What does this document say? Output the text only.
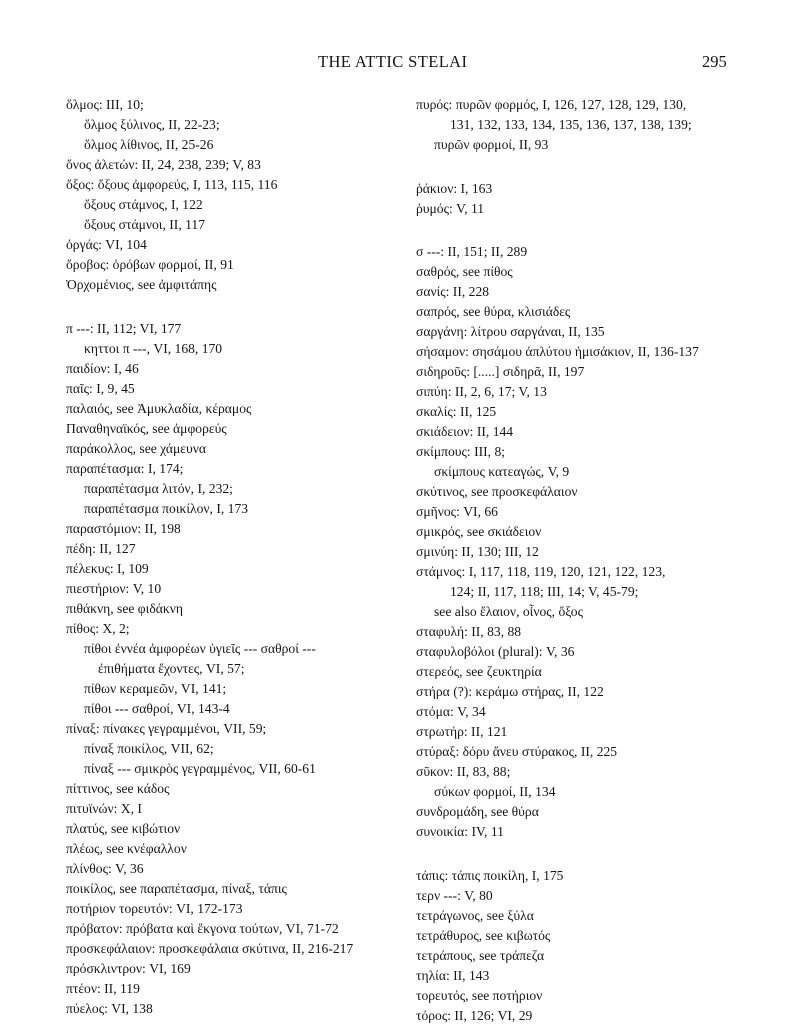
THE ATTIC STELAI	295
ὅλμος: III, 10;
ὅλμος ξύλινος, II, 22-23;
ὅλμος λίθινος, II, 25-26
ὄνος ἀλετών: II, 24, 238, 239; V, 83
ὄξος: ὄξους ἀμφορεύς, I, 113, 115, 116
ὄξους στάμνος, I, 122
ὄξους στάμνοι, II, 117
ὀργάς: VI, 104
ὄροβος: ὀρόβων φορμοί, II, 91
Ὀρχομένιος, see ἀμφιτάπης
π ---: II, 112; VI, 177
κηττοι π ---, VI, 168, 170
παιδίον: I, 46
παῖς: I, 9, 45
παλαιός, see Ἀμυκλαδία, κέραμος
Παναθηναϊκός, see ἀμφορεύς
παράκολλος, see χάμευνα
παραπέτασμα: I, 174;
παραπέτασμα λιτόν, I, 232;
παραπέτασμα ποικίλον, I, 173
παραστόμιον: II, 198
πέδη: II, 127
πέλεκυς: I, 109
πιεστήριον: V, 10
πιθάκνη, see φιδάκνη
πίθος: X, 2;
πίθοι ἐννέα ἀμφορέων ὑγιεῖς --- σαθροί ---
ἐπιθήματα ἔχοντες, VI, 57;
πίθων κεραμεῶν, VI, 141;
πίθοι --- σαθροί, VI, 143-4
πίναξ: πίνακες γεγραμμένοι, VII, 59;
πίναξ ποικίλος, VII, 62;
πίναξ --- σμικρὸς γεγραμμένος, VII, 60-61
πίττινος, see κάδος
πιτυϊνών: X, I
πλατύς, see κιβώτιον
πλέως, see κνέφαλλον
πλίνθος: V, 36
ποικίλος, see παραπέτασμα, πίναξ, τάπις
ποτήριον τορευτόν: VI, 172-173
πρόβατον: πρόβατα καὶ ἔκγονα τούτων, VI, 71-72
προσκεφάλαιον: προσκεφάλαια σκύτινα, II, 216-217
πρόσκλιντρον: VI, 169
πτέον: II, 119
πύελος: VI, 138
πυρός: πυρῶν φορμός, I, 126, 127, 128, 129, 130,
131, 132, 133, 134, 135, 136, 137, 138, 139;
πυρῶν φορμοί, II, 93
ῥάκιον: I, 163
ῥυμός: V, 11
σ ---: II, 151; II, 289
σαθρός, see πίθος
σανίς: II, 228
σαπρός, see θύρα, κλισιάδες
σαργάνη: λίτρου σαργάναι, II, 135
σήσαμον: σησάμου ἀπλύτου ἡμισάκιον, II, 136-137
σιδηροῦς: [.....] σιδηρᾶ, II, 197
σιπύη: II, 2, 6, 17; V, 13
σκαλίς: II, 125
σκιάδειον: II, 144
σκίμπους: III, 8;
σκίμπους κατεαγώς, V, 9
σκύτινος, see προσκεφάλαιον
σμῆνος: VI, 66
σμικρός, see σκιάδειον
σμινύη: II, 130; III, 12
στάμνος: I, 117, 118, 119, 120, 121, 122, 123,
124; II, 117, 118; III, 14; V, 45-79;
see also ἔλαιον, οἶνος, ὄξος
σταφυλή: II, 83, 88
σταφυλοβόλοι (plural): V, 36
στερεός, see ζευκτηρία
στήρα (?): κεράμω στήρας, II, 122
στόμα: V, 34
στρωτήρ: II, 121
στύραξ: δόρυ ἄνευ στύρακος, II, 225
σῦκον: II, 83, 88;
σύκων φορμοί, II, 134
συνδρομάδη, see θύρα
συνοικία: IV, 11
τάπις: τάπις ποικίλη, I, 175
τερν ---: V, 80
τετράγωνος, see ξύλα
τετράθυρος, see κιβωτός
τετράπους, see τράπεζα
τηλία: II, 143
τορευτός, see ποτήριον
τόρος: II, 126; VI, 29
